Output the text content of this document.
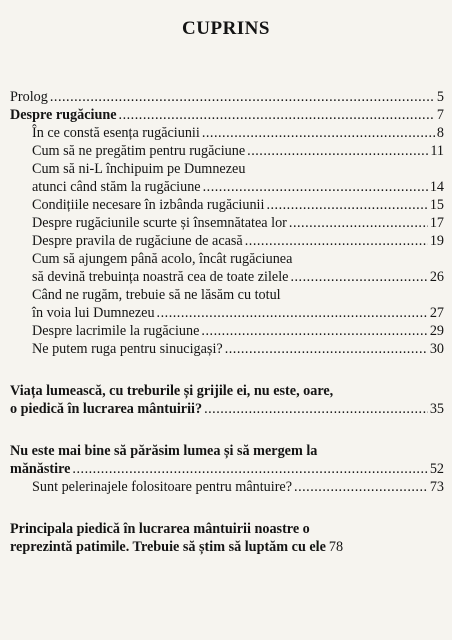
CUPRINS
Prolog .....	5
Despre rugăciune .....	7
În ce constă esența rugăciunii .....	8
Cum să ne pregătim pentru rugăciune .....	11
Cum să ni-L închipuim pe Dumnezeu
atunci când stăm la rugăciune .....	14
Condițiile necesare în izbânda rugăciunii .....	15
Despre rugăciunile scurte și însemnătatea lor .....	17
Despre pravila de rugăciune de acasă .....	19
Cum să ajungem până acolo, încât rugăciunea
să devină trebuința noastră cea de toate zilele .....	26
Când ne rugăm, trebuie să ne lăsăm cu totul
în voia lui Dumnezeu .....	27
Despre lacrimile la rugăciune .....	29
Ne putem ruga pentru sinucigași? .....	30
Viața lumească, cu treburile și grijile ei, nu este, oare,
o piedică în lucrarea mântuirii? .....	35
Nu este mai bine să părăsim lumea și să mergem la
mănăstire .....	52
Sunt pelerinajele folositoare pentru mântuire? .....	73
Principala piedică în lucrarea mântuirii noastre o
reprezintă patimile. Trebuie să știm să luptăm cu ele 78
